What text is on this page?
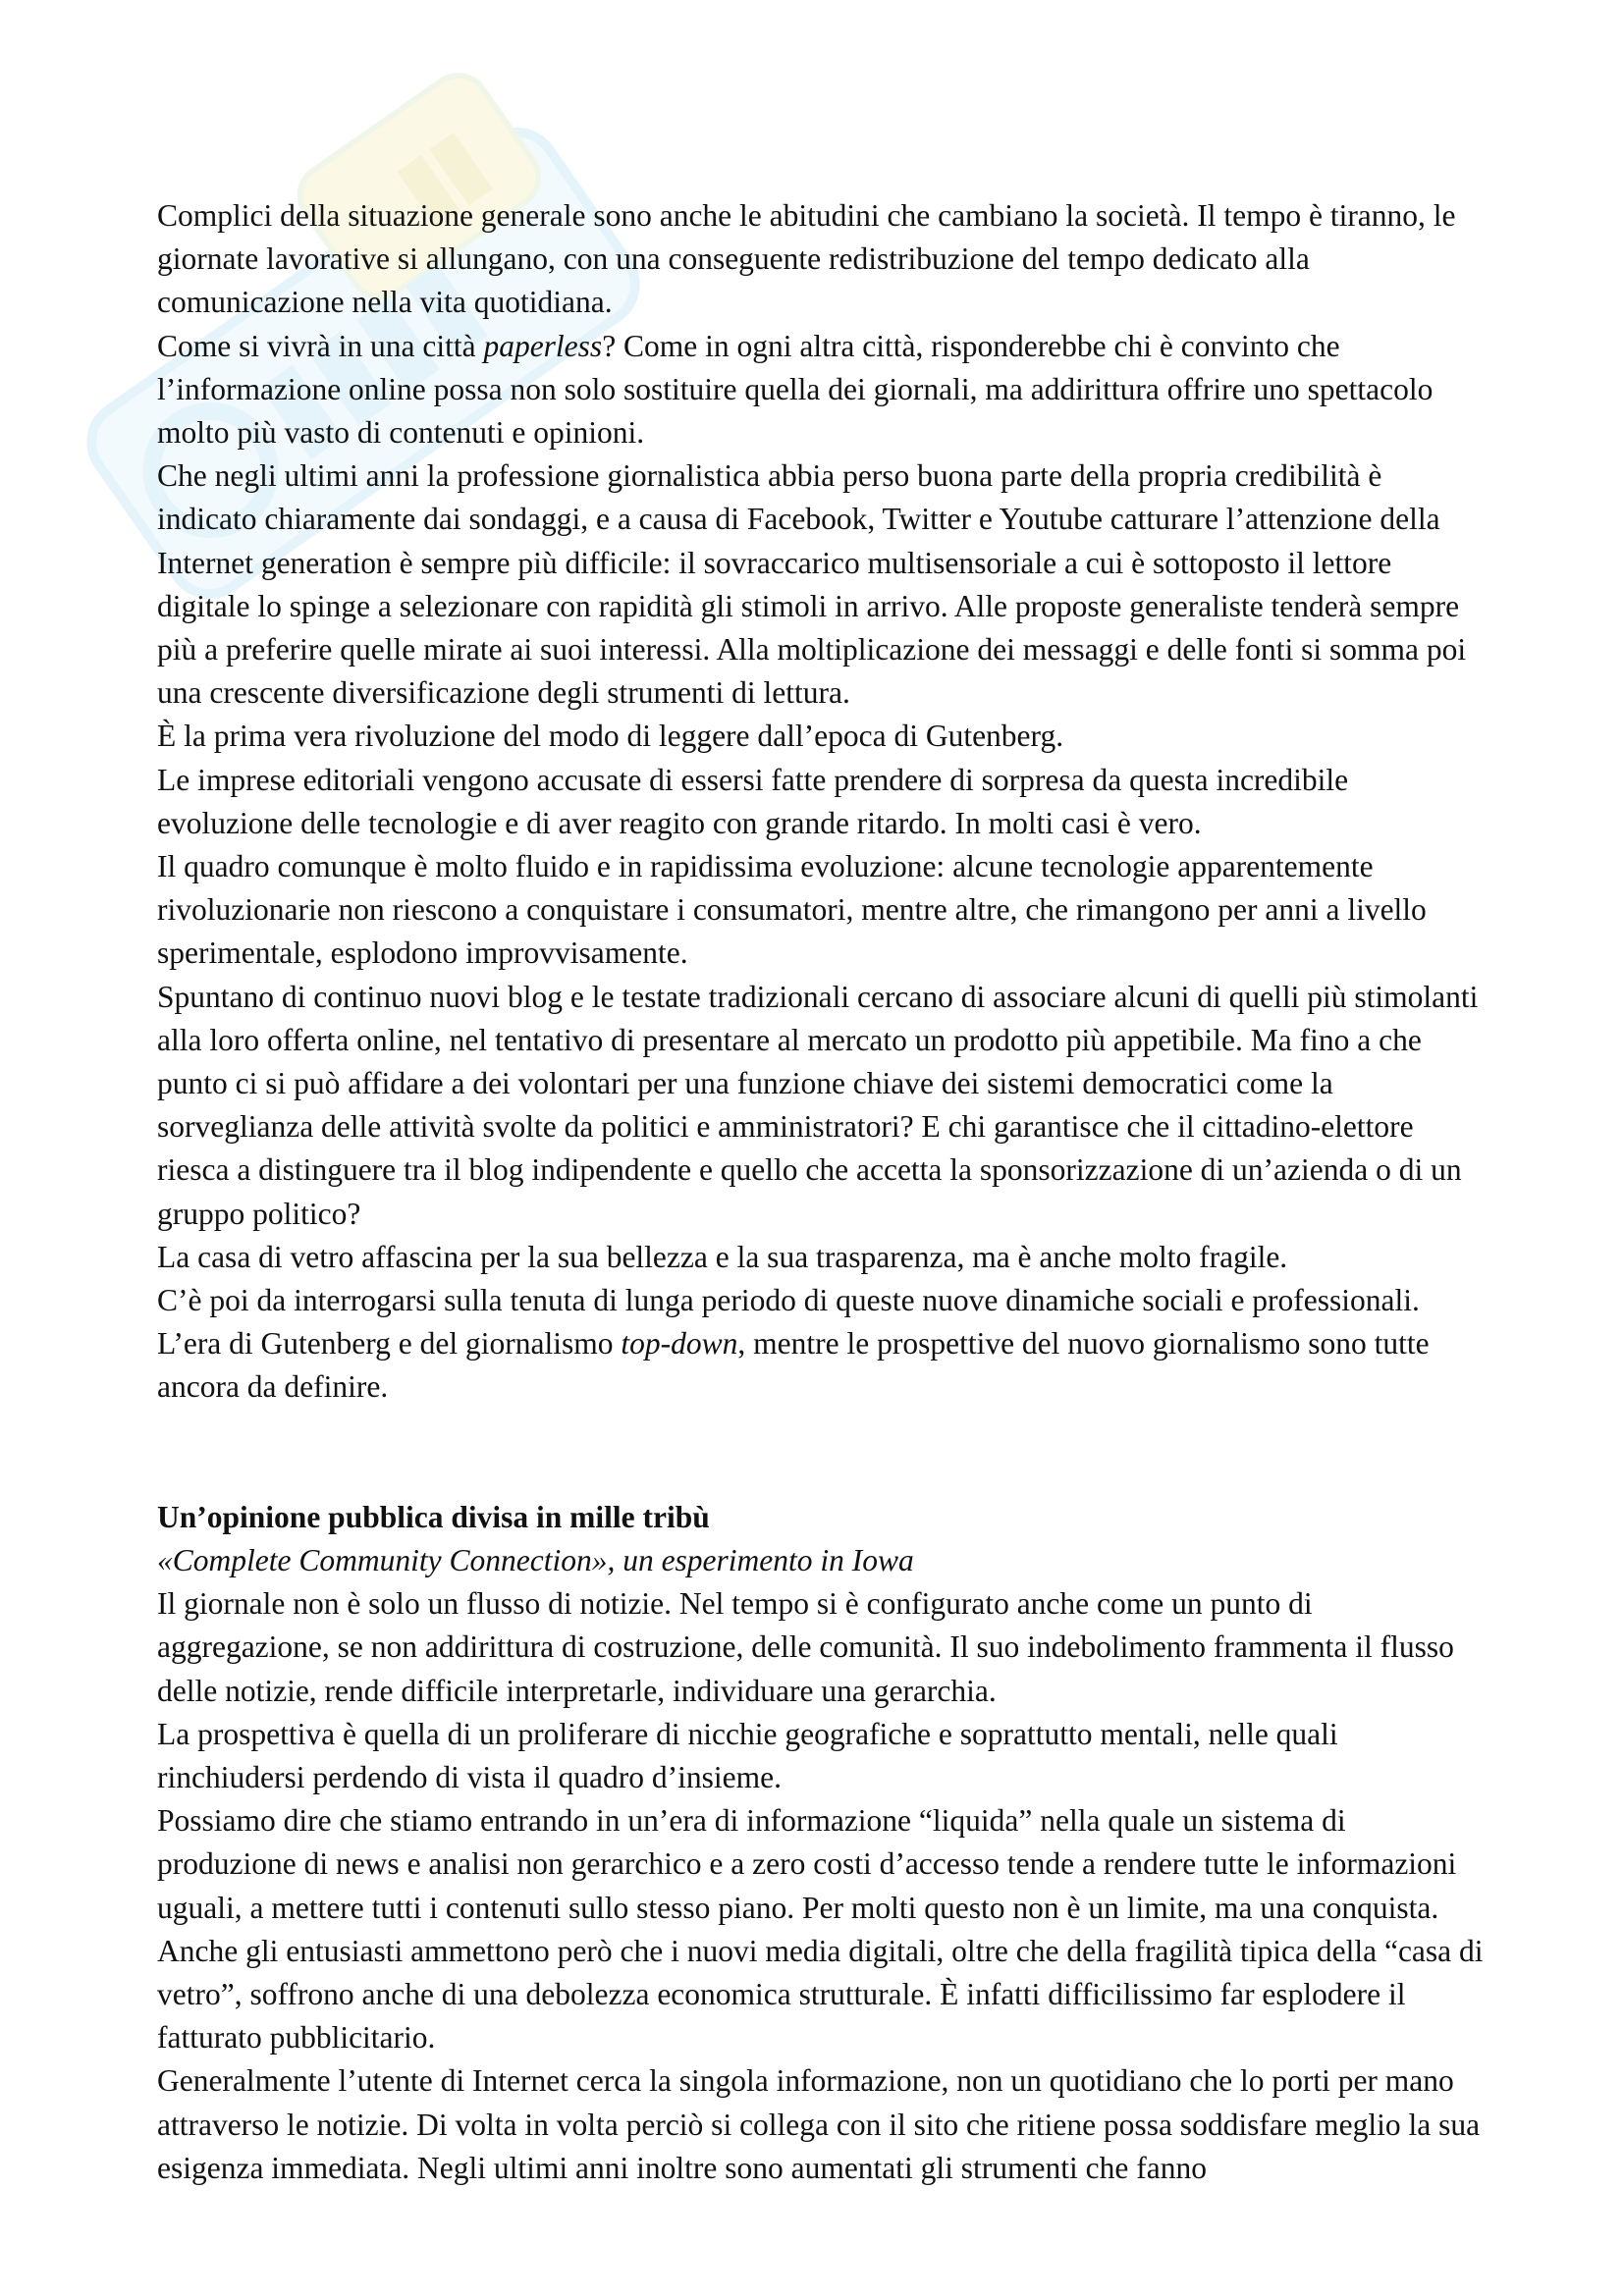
Complici della situazione generale sono anche le abitudini che cambiano la società. Il tempo è tiranno, le giornate lavorative si allungano, con una conseguente redistribuzione del tempo dedicato alla comunicazione nella vita quotidiana.

Come si vivrà in una città paperless? Come in ogni altra città, risponderebbe chi è convinto che l’informazione online possa non solo sostituire quella dei giornali, ma addirittura offrire uno spettacolo molto più vasto di contenuti e opinioni.

Che negli ultimi anni la professione giornalistica abbia perso buona parte della propria credibilità è indicato chiaramente dai sondaggi, e a causa di Facebook, Twitter e Youtube catturare l’attenzione della Internet generation è sempre più difficile: il sovraccarico multisensoriale a cui è sottoposto il lettore digitale lo spinge a selezionare con rapidità gli stimoli in arrivo. Alle proposte generaliste tenderà sempre più a preferire quelle mirate ai suoi interessi. Alla moltiplicazione dei messaggi e delle fonti si somma poi una crescente diversificazione degli strumenti di lettura.

È la prima vera rivoluzione del modo di leggere dall’epoca di Gutenberg.

Le imprese editoriali vengono accusate di essersi fatte prendere di sorpresa da questa incredibile evoluzione delle tecnologie e di aver reagito con grande ritardo. In molti casi è vero.

Il quadro comunque è molto fluido e in rapidissima evoluzione: alcune tecnologie apparentemente rivoluzionarie non riescono a conquistare i consumatori, mentre altre, che rimangono per anni a livello sperimentale, esplodono improvvisamente.

Spuntano di continuo nuovi blog e le testate tradizionali cercano di associare alcuni di quelli più stimolanti alla loro offerta online, nel tentativo di presentare al mercato un prodotto più appetibile. Ma fino a che punto ci si può affidare a dei volontari per una funzione chiave dei sistemi democratici come la sorveglianza delle attività svolte da politici e amministratori? E chi garantisce che il cittadino-elettore riesca a distinguere tra il blog indipendente e quello che accetta la sponsorizzazione di un’azienda o di un gruppo politico?

La casa di vetro affascina per la sua bellezza e la sua trasparenza, ma è anche molto fragile.

C’è poi da interrogarsi sulla tenuta di lunga periodo di queste nuove dinamiche sociali e professionali. L’era di Gutenberg e del giornalismo top-down, mentre le prospettive del nuovo giornalismo sono tutte ancora da definire.

Un’opinione pubblica divisa in mille tribù

«Complete Community Connection», un esperimento in Iowa

Il giornale non è solo un flusso di notizie. Nel tempo si è configurato anche come un punto di aggregazione, se non addirittura di costruzione, delle comunità. Il suo indebolimento frammenta il flusso delle notizie, rende difficile interpretarle, individuare una gerarchia.

La prospettiva è quella di un proliferare di nicchie geografiche e soprattutto mentali, nelle quali rinchiudersi perdendo di vista il quadro d’insieme.

Possiamo dire che stiamo entrando in un’era di informazione “liquida” nella quale un sistema di produzione di news e analisi non gerarchico e a zero costi d’accesso tende a rendere tutte le informazioni uguali, a mettere tutti i contenuti sullo stesso piano. Per molti questo non è un limite, ma una conquista. Anche gli entusiasti ammettono però che i nuovi media digitali, oltre che della fragilità tipica della “casa di vetro”, soffrono anche di una debolezza economica strutturale. È infatti difficilissimo far esplodere il fatturato pubblicitario.

Generalmente l’utente di Internet cerca la singola informazione, non un quotidiano che lo porti per mano attraverso le notizie. Di volta in volta perciò si collega con il sito che ritiene possa soddisfare meglio la sua esigenza immediata. Negli ultimi anni inoltre sono aumentati gli strumenti che fanno
